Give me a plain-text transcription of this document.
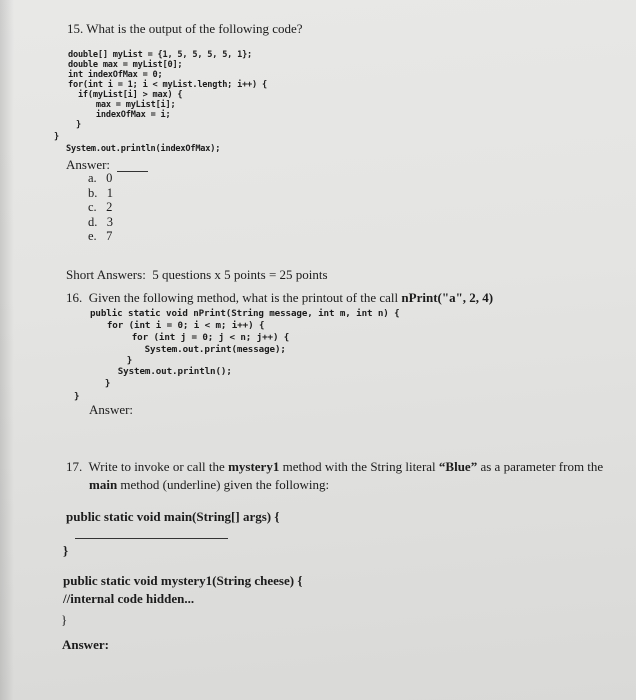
15. What is the output of the following code?
double[] myList = {1, 5, 5, 5, 5, 1};
double max = myList[0];
int indexOfMax = 0;
for(int i = 1; i < myList.length; i++) {
if(myList[i] > max) {
max = myList[i];
indexOfMax = i;
}
}
System.out.println(indexOfMax);
Answer:
a. 0
b. 1
c. 2
d. 3
e. 7
Short Answers:  5 questions x 5 points = 25 points
16.  Given the following method, what is the printout of the call nPrint("a", 2, 4)
public static void nPrint(String message, int m, int n) {
for (int i = 0; i < m; i++) {
for (int j = 0; j < n; j++) {
System.out.print(message);
}
System.out.println();
}
}
Answer:
17.  Write to invoke or call the mystery1 method with the String literal “Blue” as a parameter from the
main method (underline) given the following:
public static void main(String[] args) {
}
public static void mystery1(String cheese) {
//internal code hidden...
}
Answer:
